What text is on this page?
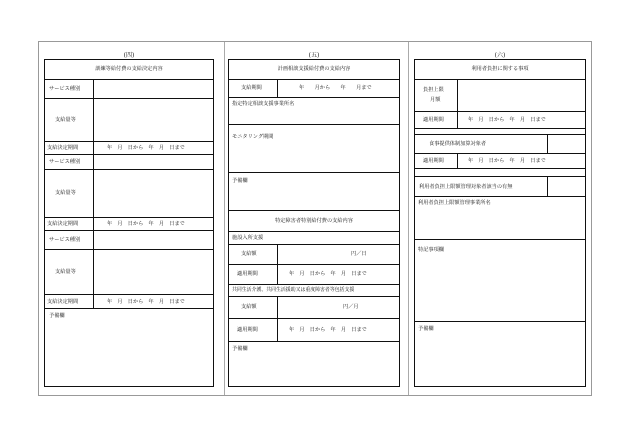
(四)
訓練等給付費の支給決定内容
サービス種別
支給量等
支給決定期間	年　月　日から　年　月　日まで
サービス種別
支給量等
支給決定期間	年　月　日から　年　月　日まで
サービス種別
支給量等
支給決定期間	年　月　日から　年　月　日まで
予備欄
(五)
計画相談支援給付費の支給内容
支給期間	年　　月から　　年　　月まで
指定特定相談支援事業所名
モニタリング期間
予備欄
特定障害者特別給付費の支給内容
施設入所支援
支給額	円／日
適用期間	年　月　日から　年　月　日まで
共同生活介護、共同生活援助又は重度障害者等包括支援
支給額	円／月
適用期間	年　月　日から　年　月　日まで
予備欄
(六)
利用者負担に関する事項
負担上限
月額
適用期間	年　月　日から　年　月　日まで
食事提供体制加算対象者
適用期間	年　月　日から　年　月　日まで
利用者負担上限額管理対象者該当の有無
利用者負担上限額管理事業所名
特記事項欄
予備欄
